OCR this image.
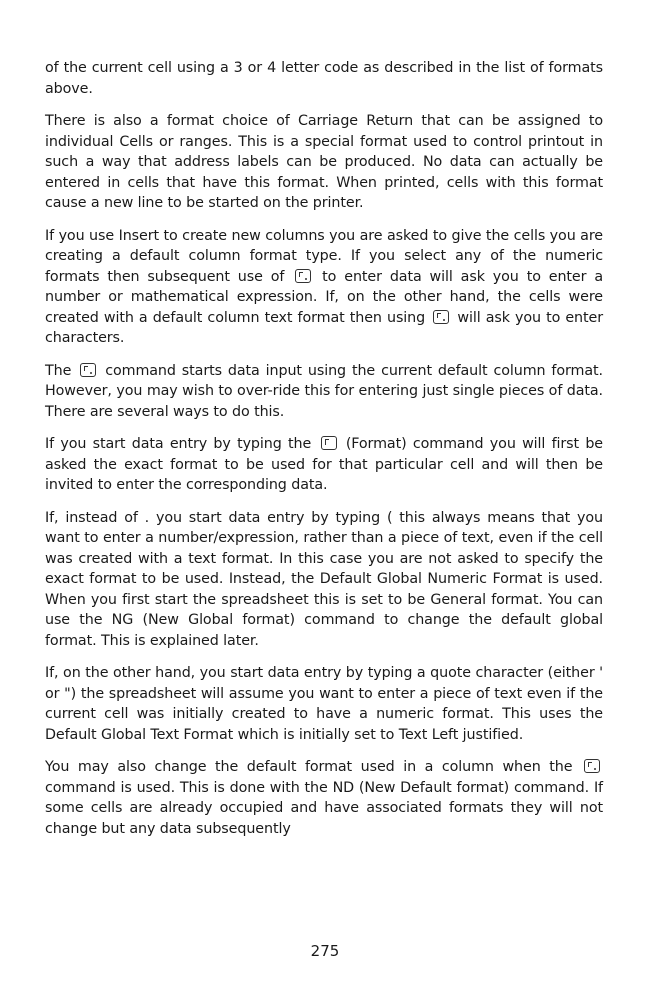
of the current cell using a 3 or 4 letter code as described in the list of formats above.

There is also a format choice of Carriage Return that can be assigned to individual Cells or ranges. This is a special format used to control printout in such a way that address labels can be produced. No data can actually be entered in cells that have this format. When printed, cells with this format cause a new line to be started on the printer.

If you use Insert to create new columns you are asked to give the cells you are creating a default column format type. If you select any of the numeric formats then subsequent use of	to enter data will ask you to enter a number or mathematical expression. If, on the other hand, the cells were created with a default column text format then using will ask you to enter characters.

The command starts data input using the current default column format. However, you may wish to over-ride this for entering just single pieces of data. There are several ways to do this.

If you start data entry by typing the (Format) command you will first be asked the exact format to be used for that particular cell and will then be invited to enter the corresponding data.

If, instead of . you start data entry by typing ( this always means that you want to enter a number/expression, rather than a piece of text, even if the cell was created with a text format. In this case you are not asked to specify the exact format to be used. Instead, the Default Global Numeric Format is used. When you first start the spreadsheet this is set to be General format. You can use the NG (New Global format) command to change the default global format. This is explained later.

If, on the other hand, you start data entry by typing a quote character (either ' or ") the spreadsheet will assume you want to enter a piece of text even if the current cell was initially created to have a numeric format. This uses the Default Global Text Format which is initially set to Text Left justified.

You may also change the default format used in a column when the  command is used. This is done with the ND (New Default format) command. If some cells are already occupied and have associated formats they will not change but any data subsequently

275
